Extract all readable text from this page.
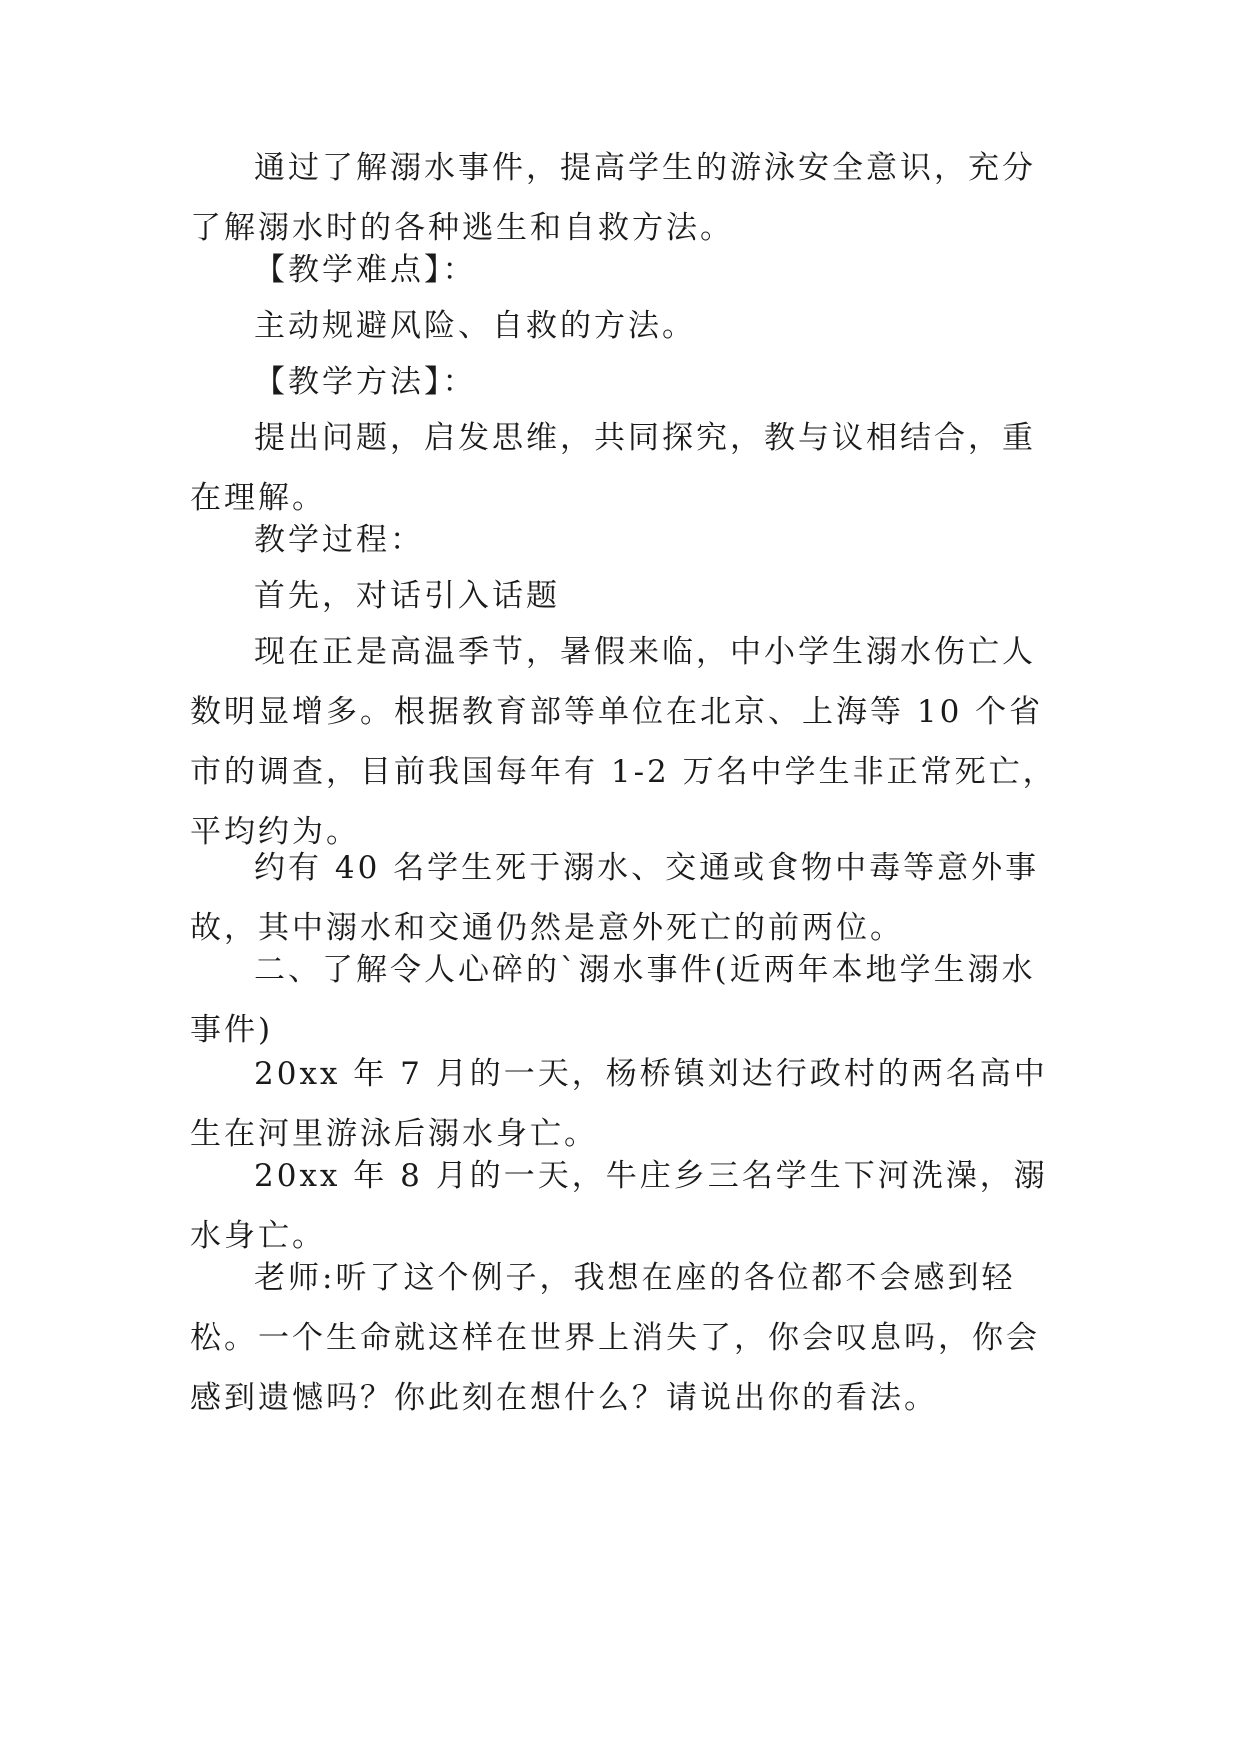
通过了解溺水事件，提高学生的游泳安全意识，充分了解溺水时的各种逃生和自救方法。

【教学难点】：

主动规避风险、自救的方法。

【教学方法】：

提出问题，启发思维，共同探究，教与议相结合，重在理解。

教学过程：

首先，对话引入话题

现在正是高温季节，暑假来临，中小学生溺水伤亡人数明显增多。根据教育部等单位在北京、上海等 10 个省市的调查，目前我国每年有 1-2 万名中学生非正常死亡，平均约为。

约有 40 名学生死于溺水、交通或食物中毒等意外事故，其中溺水和交通仍然是意外死亡的前两位。

二、了解令人心碎的`溺水事件(近两年本地学生溺水事件)

20xx 年 7 月的一天，杨桥镇刘达行政村的两名高中生在河里游泳后溺水身亡。

20xx 年 8 月的一天，牛庄乡三名学生下河洗澡，溺水身亡。

老师:听了这个例子，我想在座的各位都不会感到轻松。一个生命就这样在世界上消失了，你会叹息吗，你会感到遗憾吗？你此刻在想什么？请说出你的看法。
